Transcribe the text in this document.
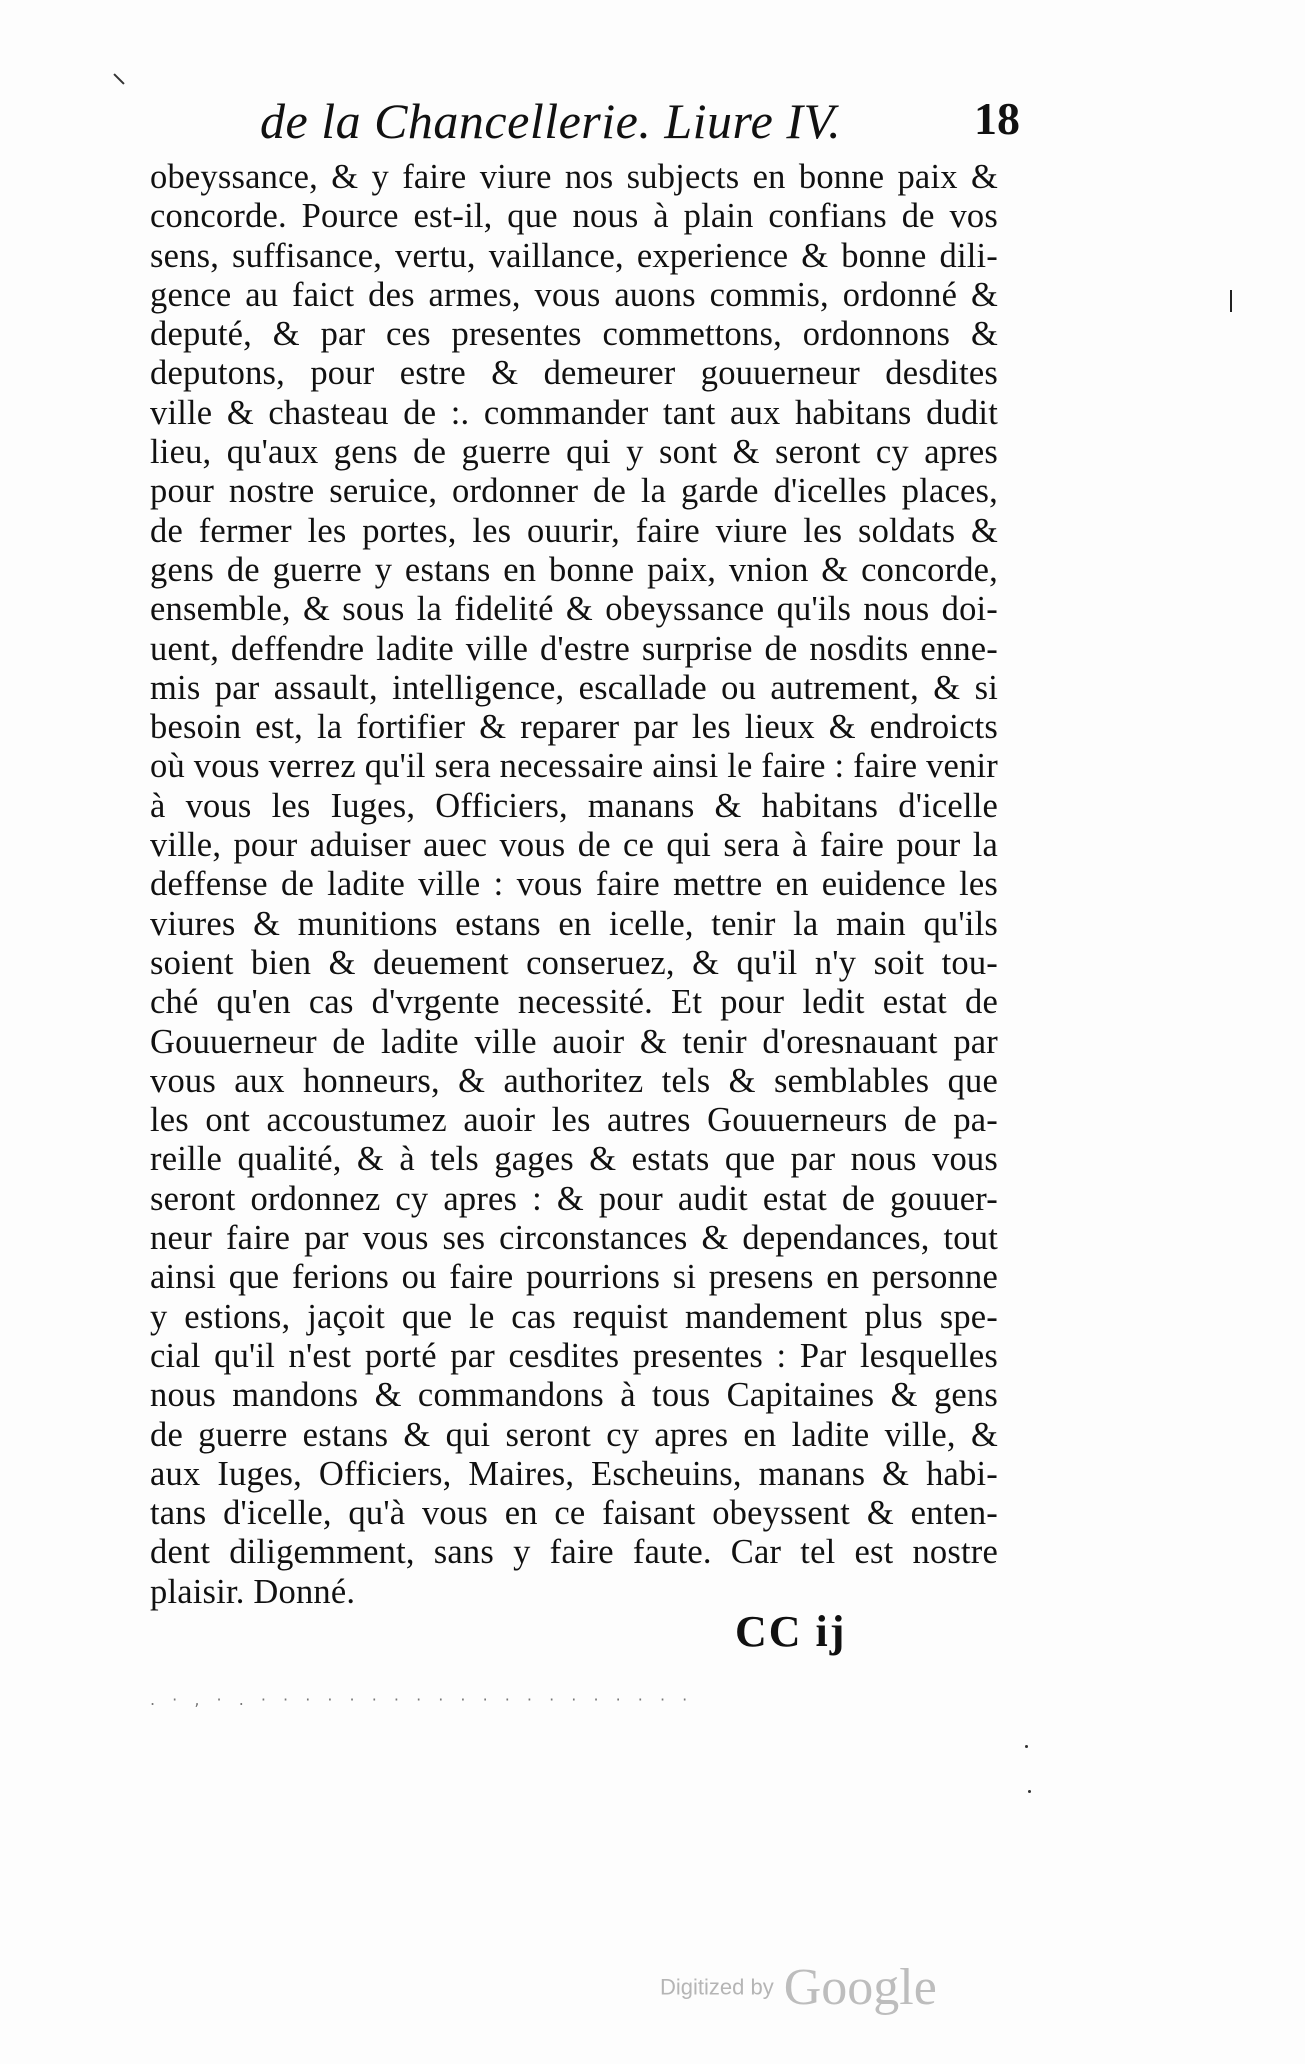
de la Chancellerie. Liure IV.	18
obeyssance, & y faire viure nos subjects en bonne paix &
concorde. Pource est-il, que nous à plain confians de vos
sens, suffisance, vertu, vaillance, experience & bonne dili-
gence au faict des armes, vous auons commis, ordonné &
deputé, & par ces presentes commettons, ordonnons &
deputons, pour estre & demeurer gouuerneur desdites
ville & chasteau de :. commander tant aux habitans dudit
lieu, qu'aux gens de guerre qui y sont & seront cy apres
pour nostre seruice, ordonner de la garde d'icelles places,
de fermer les portes, les ouurir, faire viure les soldats &
gens de guerre y estans en bonne paix, vnion & concorde,
ensemble, & sous la fidelité & obeyssance qu'ils nous doi-
uent, deffendre ladite ville d'estre surprise de nosdits enne-
mis par assault, intelligence, escallade ou autrement, & si
besoin est, la fortifier & reparer par les lieux & endroicts
où vous verrez qu'il sera necessaire ainsi le faire : faire venir
à vous les Iuges, Officiers, manans & habitans d'icelle
ville, pour aduiser auec vous de ce qui sera à faire pour la
deffense de ladite ville : vous faire mettre en euidence les
viures & munitions estans en icelle, tenir la main qu'ils
soient bien & deuement conseruez, & qu'il n'y soit tou-
ché qu'en cas d'vrgente necessité. Et pour ledit estat de
Gouuerneur de ladite ville auoir & tenir d'oresnauant par
vous aux honneurs, & authoritez tels & semblables que
les ont accoustumez auoir les autres Gouuerneurs de pa-
reille qualité, & à tels gages & estats que par nous vous
seront ordonnez cy apres : & pour audit estat de gouuer-
neur faire par vous ses circonstances & dependances, tout
ainsi que ferions ou faire pourrions si presens en personne
y estions, jaçoit que le cas requist mandement plus spe-
cial qu'il n'est porté par cesdites presentes : Par lesquelles
nous mandons & commandons à tous Capitaines & gens
de guerre estans & qui seront cy apres en ladite ville, &
aux Iuges, Officiers, Maires, Escheuins, manans & habi-
tans d'icelle, qu'à vous en ce faisant obeyssent & enten-
dent diligemment, sans y faire faute. Car tel est nostre
plaisir. Donné.
CC ij
. · , · . · · · · · · · · · · · · · · · · · · · ·
Digitized by Google
